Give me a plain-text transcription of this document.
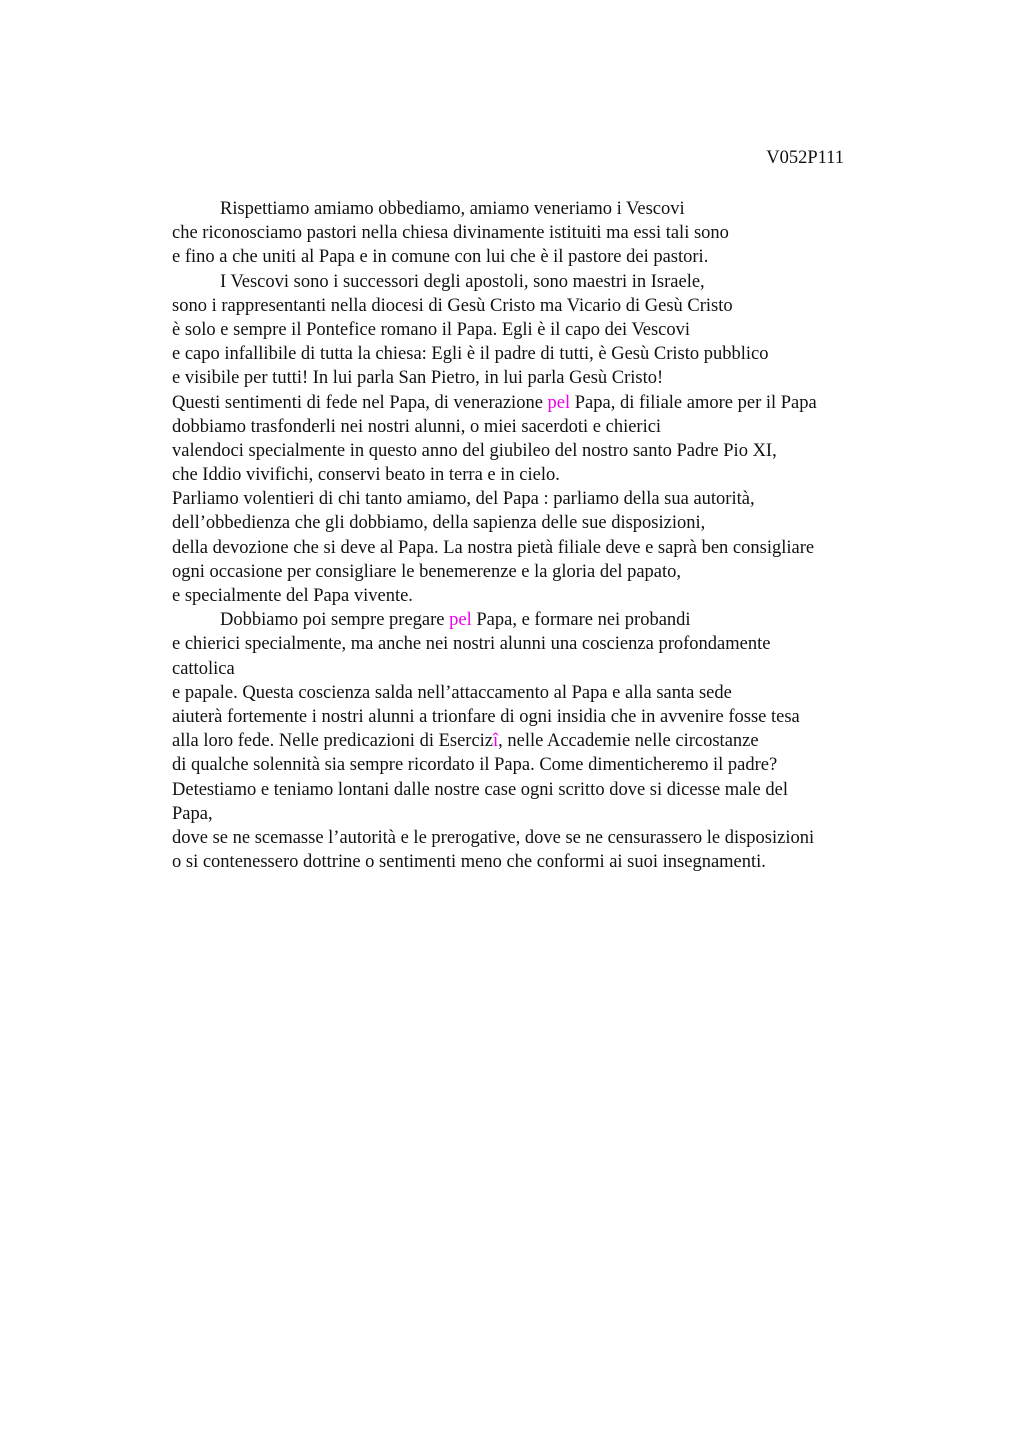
V052P111
Rispettiamo amiamo obbediamo, amiamo veneriamo i Vescovi
che riconosciamo pastori nella chiesa divinamente istituiti ma essi tali sono
e fino a che uniti al Papa e in comune con lui che è il pastore dei pastori.
I Vescovi sono i successori degli apostoli, sono maestri in Israele,
sono i rappresentanti nella diocesi di Gesù Cristo ma Vicario di Gesù Cristo
è solo e sempre il Pontefice romano il Papa. Egli è il capo dei Vescovi
e capo infallibile di tutta la chiesa: Egli è il padre di tutti, è Gesù Cristo pubblico
e visibile per tutti! In lui parla San Pietro, in lui parla Gesù Cristo!
Questi sentimenti di fede nel Papa, di venerazione pel Papa, di filiale amore per il Papa
dobbiamo trasfonderli nei nostri alunni, o miei sacerdoti e chierici
valendoci specialmente in questo anno del giubileo del nostro santo Padre Pio XI,
che Iddio vivifichi, conservi beato in terra e in cielo.
Parliamo volentieri di chi tanto amiamo, del Papa : parliamo della sua autorità,
dell’obbedienza che gli dobbiamo, della sapienza delle sue disposizioni,
della devozione che si deve al Papa. La nostra pietà filiale deve e saprà ben consigliare
ogni occasione per consigliare le benemerenze e la gloria del papato,
e specialmente del Papa vivente.
Dobbiamo poi sempre pregare pel Papa, e formare nei probandi
e chierici specialmente, ma anche nei nostri alunni una coscienza profondamente
cattolica
e papale. Questa coscienza salda nell’attaccamento al Papa e alla santa sede
aiuterà fortemente i nostri alunni a trionfare di ogni insidia che in avvenire fosse tesa
alla loro fede. Nelle predicazioni di Esercizî, nelle Accademie nelle circostanze
di qualche solennità sia sempre ricordato il Papa. Come dimenticheremo il padre?
Detestiamo e teniamo lontani dalle nostre case ogni scritto dove si dicesse male del
Papa,
dove se ne scemasse l’autorità e le prerogative, dove se ne censurassero le disposizioni
o si contenessero dottrine o sentimenti meno che conformi ai suoi insegnamenti.
